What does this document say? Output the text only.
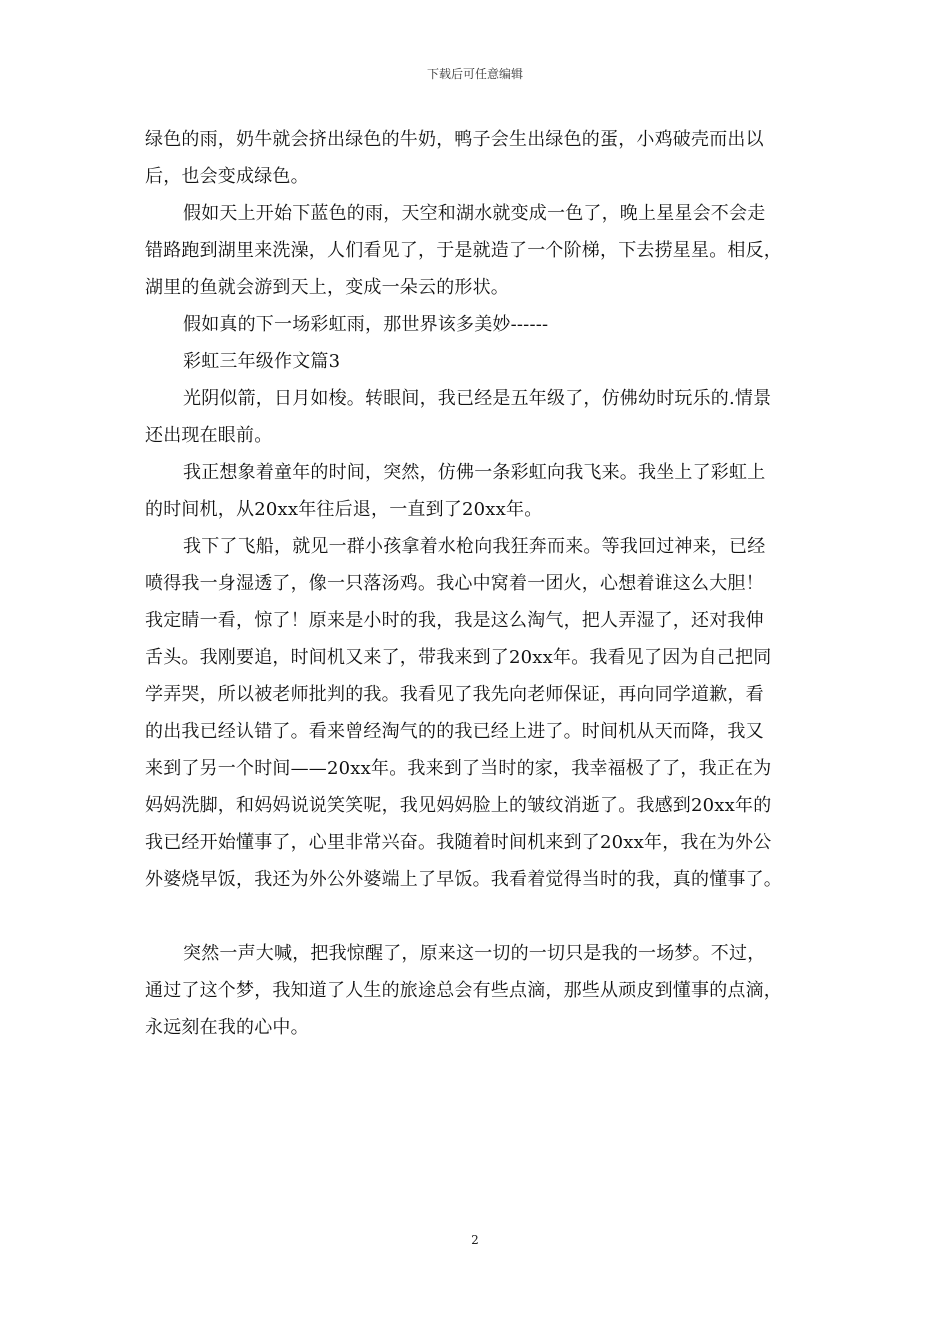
下载后可任意编辑
绿色的雨，奶牛就会挤出绿色的牛奶，鸭子会生出绿色的蛋，小鸡破壳而出以
后，也会变成绿色。
假如天上开始下蓝色的雨，天空和湖水就变成一色了，晚上星星会不会走
错路跑到湖里来洗澡，人们看见了，于是就造了一个阶梯，下去捞星星。相反，
湖里的鱼就会游到天上，变成一朵云的形状。
假如真的下一场彩虹雨，那世界该多美妙------
彩虹三年级作文篇3
光阴似箭，日月如梭。转眼间，我已经是五年级了，仿佛幼时玩乐的.情景
还出现在眼前。
我正想象着童年的时间，突然，仿佛一条彩虹向我飞来。我坐上了彩虹上
的时间机，从20xx年往后退，一直到了20xx年。
我下了飞船，就见一群小孩拿着水枪向我狂奔而来。等我回过神来，已经
喷得我一身湿透了，像一只落汤鸡。我心中窝着一团火，心想着谁这么大胆！
我定睛一看，惊了！原来是小时的我，我是这么淘气，把人弄湿了，还对我伸
舌头。我刚要追，时间机又来了，带我来到了20xx年。我看见了因为自己把同
学弄哭，所以被老师批判的我。我看见了我先向老师保证，再向同学道歉，看
的出我已经认错了。看来曾经淘气的的我已经上进了。时间机从天而降，我又
来到了另一个时间——20xx年。我来到了当时的家，我幸福极了了，我正在为
妈妈洗脚，和妈妈说说笑笑呢，我见妈妈脸上的皱纹消逝了。我感到20xx年的
我已经开始懂事了，心里非常兴奋。我随着时间机来到了20xx年，我在为外公
外婆烧早饭，我还为外公外婆端上了早饭。我看着觉得当时的我，真的懂事了。
突然一声大喊，把我惊醒了，原来这一切的一切只是我的一场梦。不过，
通过了这个梦，我知道了人生的旅途总会有些点滴，那些从顽皮到懂事的点滴，
永远刻在我的心中。
2
